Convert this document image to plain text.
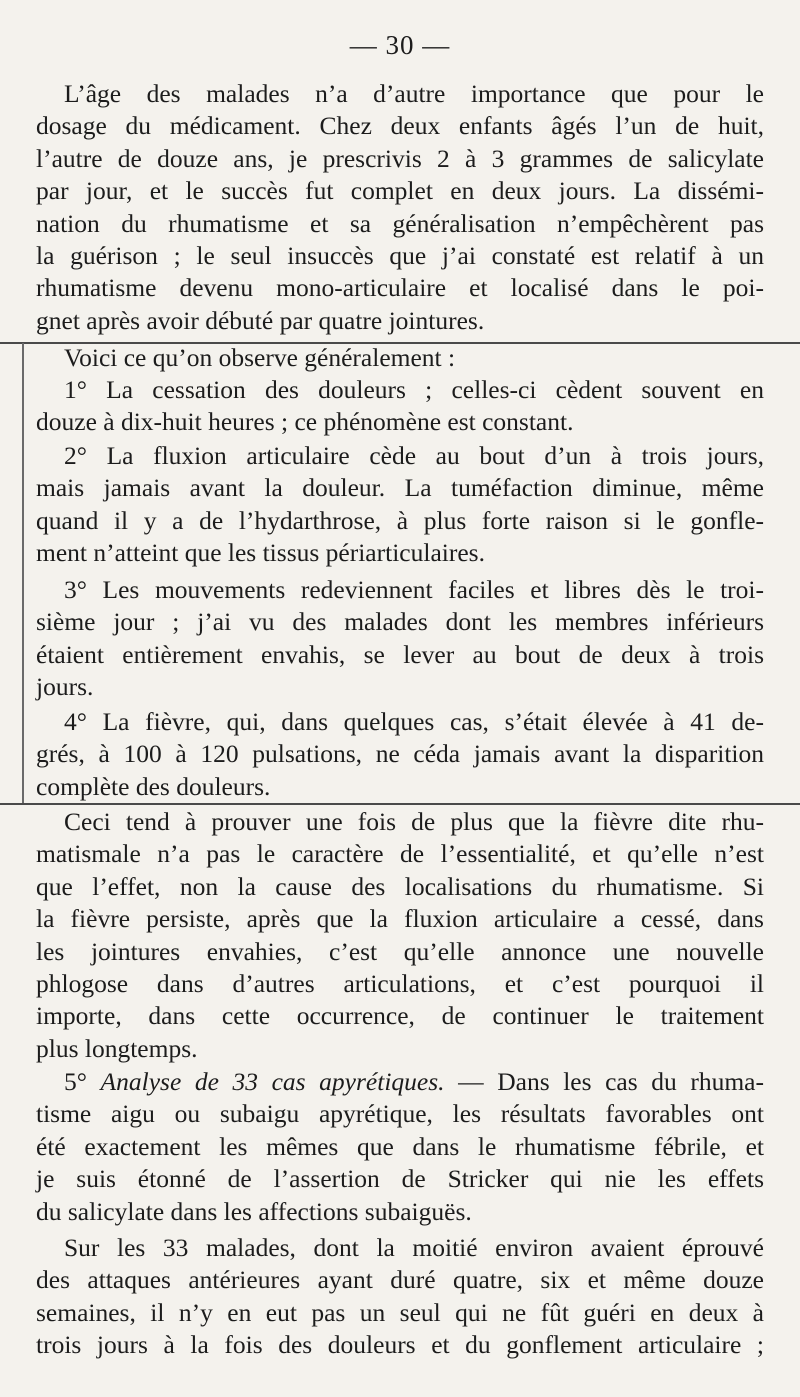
— 30 —
L’âge des malades n’a d’autre importance que pour le
dosage du médicament. Chez deux enfants âgés l’un de huit,
l’autre de douze ans, je prescrivis 2 à 3 grammes de salicylate
par jour, et le succès fut complet en deux jours. La dissémi-
nation du rhumatisme et sa généralisation n’empêchèrent pas
la guérison ; le seul insuccès que j’ai constaté est relatif à un
rhumatisme devenu mono-articulaire et localisé dans le poi-
gnet après avoir débuté par quatre jointures.
Voici ce qu’on observe généralement :
1° La cessation des douleurs ; celles-ci cèdent souvent en
douze à dix-huit heures ; ce phénomène est constant.
2° La fluxion articulaire cède au bout d’un à trois jours,
mais jamais avant la douleur. La tuméfaction diminue, même
quand il y a de l’hydarthrose, à plus forte raison si le gonfle-
ment n’atteint que les tissus périarticulaires.
3° Les mouvements redeviennent faciles et libres dès le troi-
sième jour ; j’ai vu des malades dont les membres inférieurs
étaient entièrement envahis, se lever au bout de deux à trois
jours.
4° La fièvre, qui, dans quelques cas, s’était élevée à 41 de-
grés, à 100 à 120 pulsations, ne céda jamais avant la disparition
complète des douleurs.
Ceci tend à prouver une fois de plus que la fièvre dite rhu-
matismale n’a pas le caractère de l’essentialité, et qu’elle n’est
que l’effet, non la cause des localisations du rhumatisme. Si
la fièvre persiste, après que la fluxion articulaire a cessé, dans
les jointures envahies, c’est qu’elle annonce une nouvelle
phlogose dans d’autres articulations, et c’est pourquoi il
importe, dans cette occurrence, de continuer le traitement
plus longtemps.
5° Analyse de 33 cas apyrétiques. — Dans les cas du rhuma-
tisme aigu ou subaigu apyrétique, les résultats favorables ont
été exactement les mêmes que dans le rhumatisme fébrile, et
je suis étonné de l’assertion de Stricker qui nie les effets
du salicylate dans les affections subaiguës.
Sur les 33 malades, dont la moitié environ avaient éprouvé
des attaques antérieures ayant duré quatre, six et même douze
semaines, il n’y en eut pas un seul qui ne fût guéri en deux à
trois jours à la fois des douleurs et du gonflement articulaire ;
